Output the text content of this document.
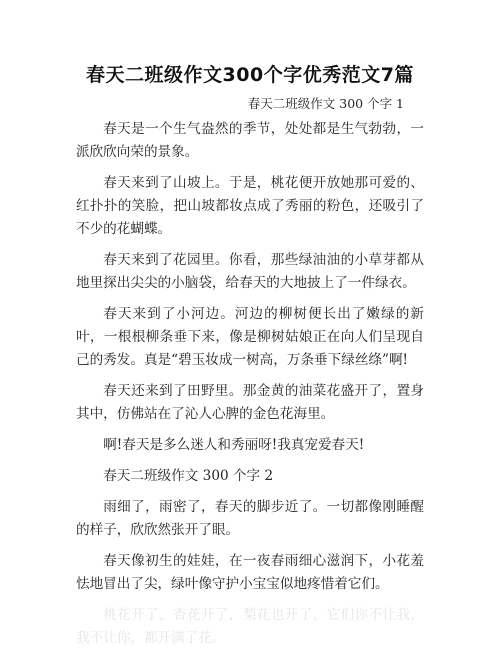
春天二班级作文300个字优秀范文7篇
春天二班级作文 300 个字 1

春天是一个生气盎然的季节，处处都是生气勃勃，一派欣欣向荣的景象。

春天来到了山坡上。于是，桃花便开放她那可爱的、红扑扑的笑脸，把山坡都妆点成了秀丽的粉色，还吸引了不少的花蝴蝶。

春天来到了花园里。你看，那些绿油油的小草芽都从地里探出尖尖的小脑袋，给春天的大地披上了一件绿衣。

春天来到了小河边。河边的柳树便长出了嫩绿的新叶，一根根柳条垂下来，像是柳树姑娘正在向人们呈现自己的秀发。真是“碧玉妆成一树高，万条垂下绿丝绦”啊!

春天还来到了田野里。那金黄的油菜花盛开了，置身其中，仿佛站在了沁人心脾的金色花海里。

啊!春天是多么迷人和秀丽呀!我真宠爱春天!

春天二班级作文 300 个字 2

雨细了，雨密了，春天的脚步近了。一切都像刚睡醒的样子，欣欣然张开了眼。

春天像初生的娃娃，在一夜春雨细心滋润下，小花羞怯地冒出了尖，绿叶像守护小宝宝似地疼惜着它们。

桃花开了，杏花开了，梨花也开了，它们你不让我，我不让你，都开满了花。
